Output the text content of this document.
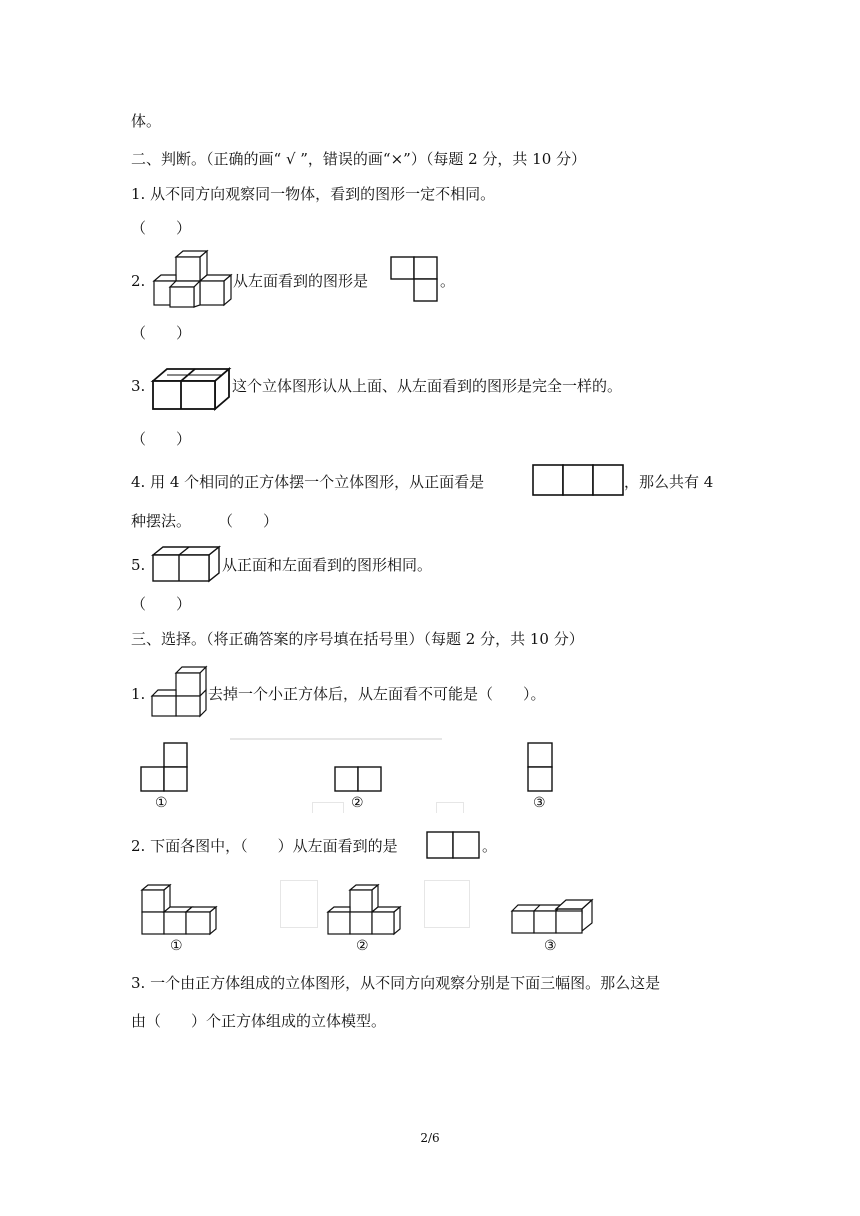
体。
二、判断。（正确的画“ √ ”，错误的画“×”）（每题 2 分，共 10 分）
1. 从不同方向观察同一物体，看到的图形一定不相同。
（　　）
2.	从左面看到的图形是	。
（　　）
3.	这个立体图形认从上面、从左面看到的图形是完全一样的。
（　　）
4. 用 4 个相同的正方体摆一个立体图形，从正面看是	，那么共有 4
种摆法。 （　　）
5.	从正面和左面看到的图形相同。
（　　）
三、选择。（将正确答案的序号填在括号里）（每题 2 分，共 10 分）
1.	去掉一个小正方体后，从左面看不可能是（　　）。
①	②	③
2. 下面各图中，（　　）从左面看到的是	。
①	②	③
3. 一个由正方体组成的立体图形，从不同方向观察分别是下面三幅图。那么这是
由（　　）个正方体组成的立体模型。
2/6
